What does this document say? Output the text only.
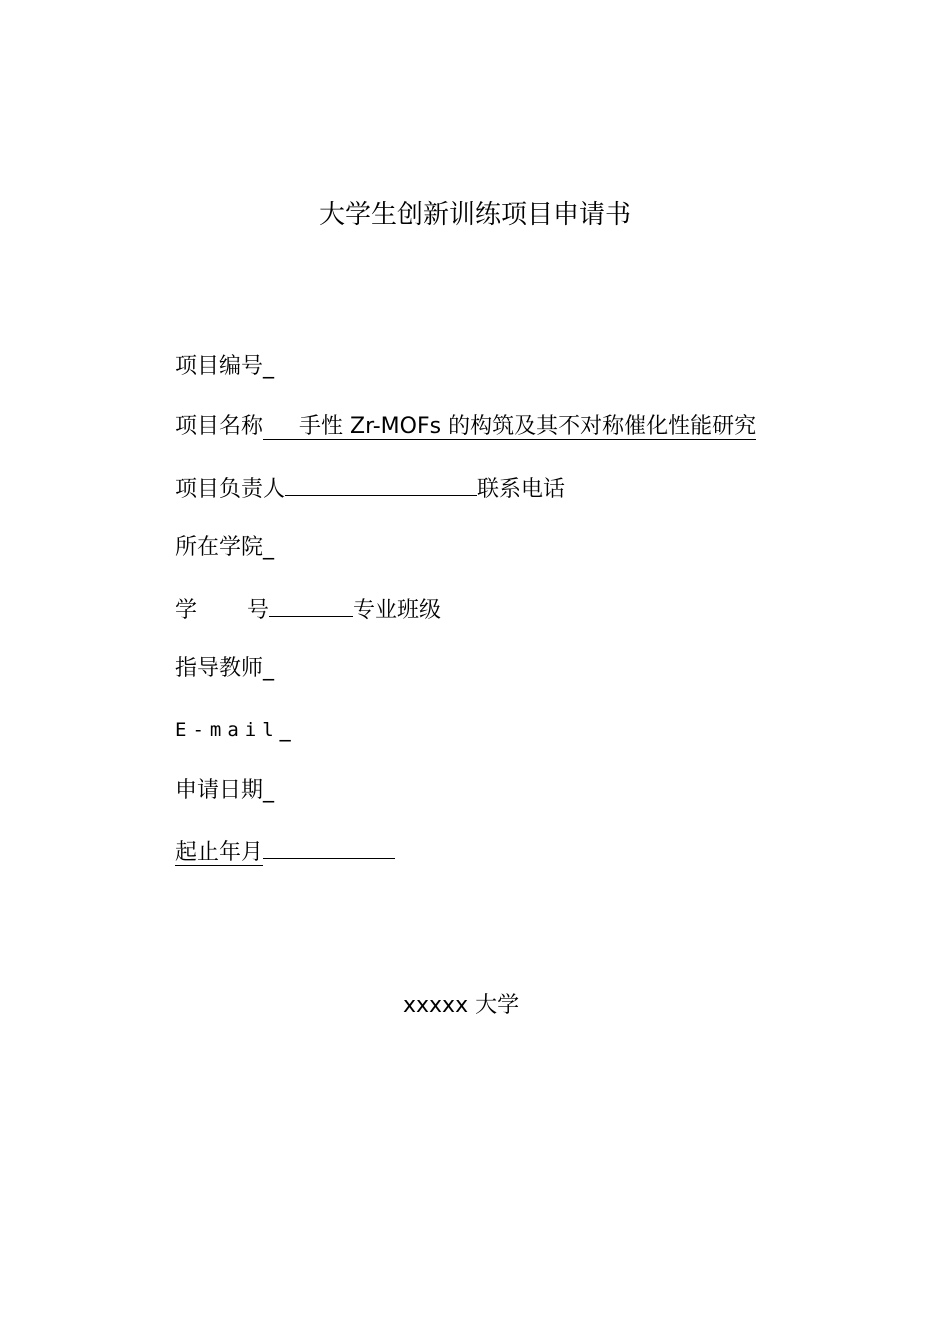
大学生创新训练项目申请书
项目编号_
项目名称 手性 Zr-MOFs 的构筑及其不对称催化性能研究
项目负责人	联系电话
所在学院_
学 号	专业班级
指导教师_
E-mail_
申请日期_
起止年月
xxxxx 大学
